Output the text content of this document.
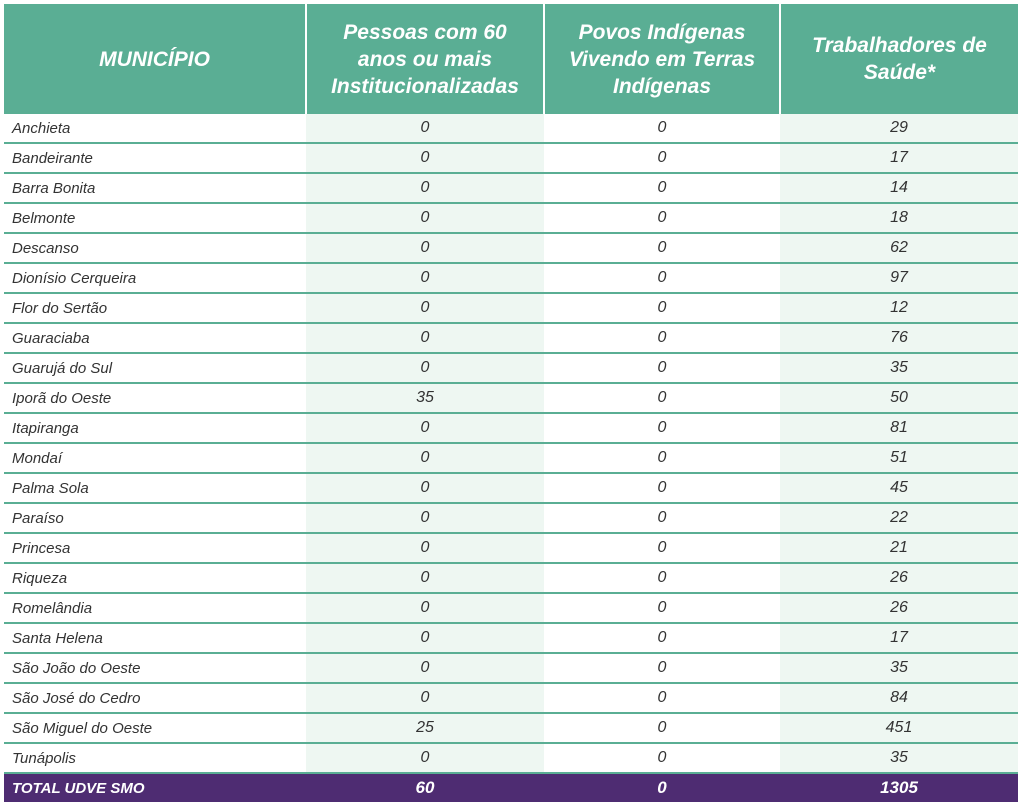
MUNICÍPIO	Pessoas com 60 anos ou mais Institucionalizadas	Povos Indígenas Vivendo em Terras Indígenas	Trabalhadores de Saúde*
Anchieta	0	0	29
Bandeirante	0	0	17
Barra Bonita	0	0	14
Belmonte	0	0	18
Descanso	0	0	62
Dionísio Cerqueira	0	0	97
Flor do Sertão	0	0	12
Guaraciaba	0	0	76
Guarujá do Sul	0	0	35
Iporã do Oeste	35	0	50
Itapiranga	0	0	81
Mondaí	0	0	51
Palma Sola	0	0	45
Paraíso	0	0	22
Princesa	0	0	21
Riqueza	0	0	26
Romelândia	0	0	26
Santa Helena	0	0	17
São João do Oeste	0	0	35
São José do Cedro	0	0	84
São Miguel do Oeste	25	0	451
Tunápolis	0	0	35
TOTAL UDVE SMO	60	0	1305
